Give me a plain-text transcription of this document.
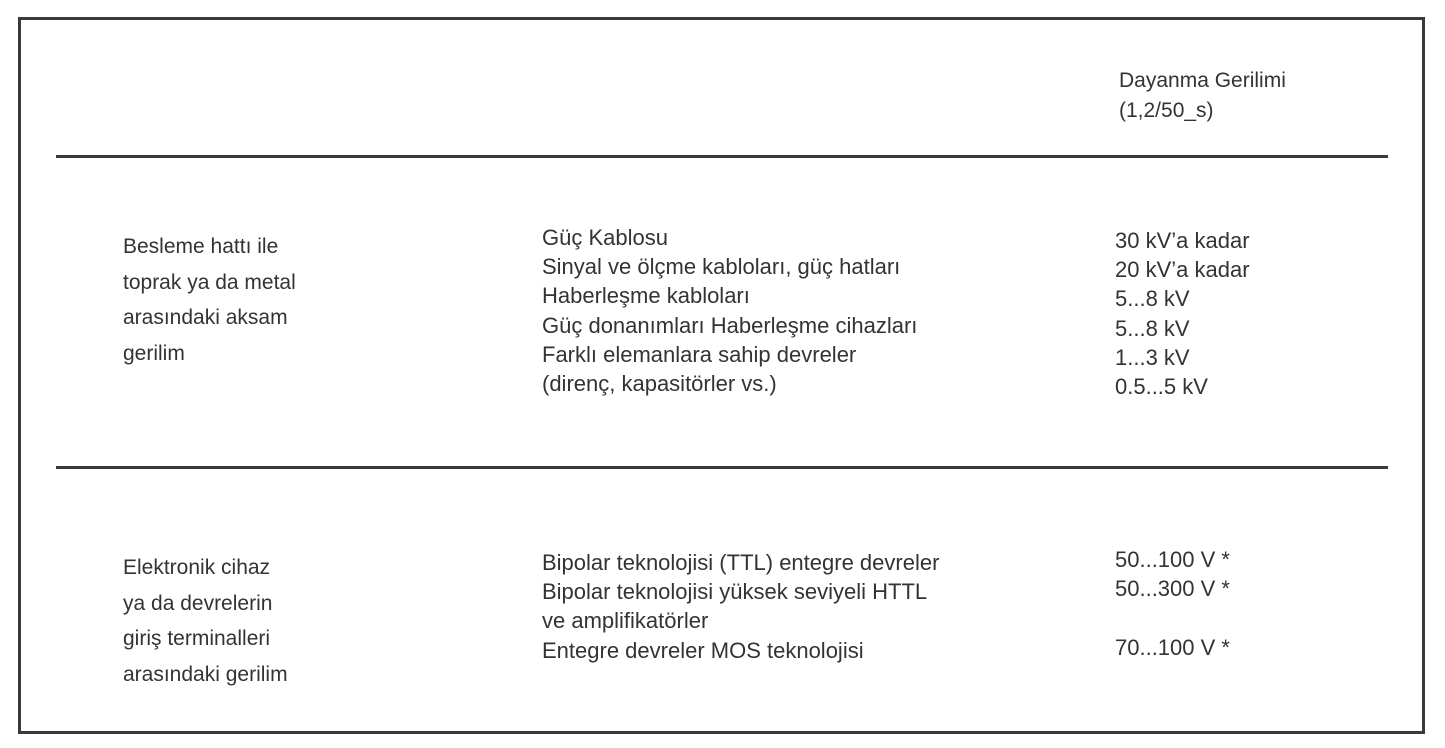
Dayanma Gerilimi
(1,2/50_s)
Besleme hattı ile
toprak ya da metal
arasındaki aksam
gerilim
Güç Kablosu
Sinyal ve ölçme kabloları, güç hatları
Haberleşme kabloları
Güç donanımları Haberleşme cihazları
Farklı elemanlara sahip devreler
(direnç, kapasitörler vs.)
30 kV’a kadar
20 kV’a kadar
5...8 kV
5...8 kV
1...3 kV
0.5...5 kV
Elektronik cihaz
ya da devrelerin
giriş terminalleri
arasındaki gerilim
Bipolar teknolojisi (TTL) entegre devreler
Bipolar teknolojisi yüksek seviyeli HTTL
ve amplifikatörler
Entegre devreler MOS teknolojisi
50...100 V *
50...300 V *
70...100 V *
